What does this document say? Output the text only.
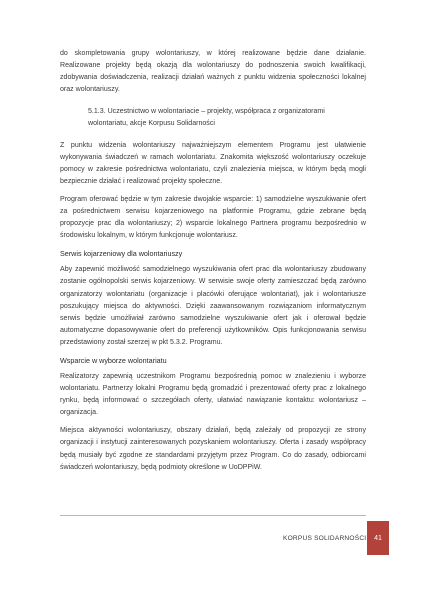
do skompletowania grupy wolontariuszy, w której realizowane będzie dane działanie. Realizowane projekty będą okazją dla wolontariuszy do podnoszenia swoich kwalifikacji, zdobywania doświadczenia, realizacji działań ważnych z punktu widzenia społeczności lokalnej oraz wolontariuszy.

5.1.3. Uczestnictwo w wolontariacie – projekty, współpraca z organizatorami wolontariatu, akcje Korpusu Solidarności

Z punktu widzenia wolontariuszy najważniejszym elementem Programu jest ułatwienie wykonywania świadczeń w ramach wolontariatu. Znakomita większość wolontariuszy oczekuje pomocy w zakresie pośrednictwa wolontariatu, czyli znalezienia miejsca, w którym będą mogli bezpiecznie działać i realizować projekty społeczne.

Program oferować będzie w tym zakresie dwojakie wsparcie: 1) samodzielne wyszukiwanie ofert za pośrednictwem serwisu kojarzeniowego na platformie Programu, gdzie zebrane będą propozycje prac dla wolontariuszy; 2) wsparcie lokalnego Partnera programu bezpośrednio w środowisku lokalnym, w którym funkcjonuje wolontariusz.

Serwis kojarzeniowy dla wolontariuszy

Aby zapewnić możliwość samodzielnego wyszukiwania ofert prac dla wolontariuszy zbudowany zostanie ogólnopolski serwis kojarzeniowy. W serwisie swoje oferty zamieszczać będą zarówno organizatorzy wolontariatu (organizacje i placówki oferujące wolontariat), jak i wolontariusze poszukujący miejsca do aktywności. Dzięki zaawansowanym rozwiązaniom informatycznym serwis będzie umożliwiał zarówno samodzielne wyszukiwanie ofert jak i oferował będzie automatyczne dopasowywanie ofert do preferencji użytkowników. Opis funkcjonowania serwisu przedstawiony został szerzej w pkt 5.3.2. Programu.

Wsparcie w wyborze wolontariatu

Realizatorzy zapewnią uczestnikom Programu bezpośrednią pomoc w znalezieniu i wyborze wolontariatu. Partnerzy lokalni Programu będą gromadzić i prezentować oferty prac z lokalnego rynku, będą informować o szczegółach oferty, ułatwiać nawiązanie kontaktu: wolontariusz – organizacja.

Miejsca aktywności wolontariuszy, obszary działań, będą zależały od propozycji ze strony organizacji i instytucji zainteresowanych pozyskaniem wolontariuszy. Oferta i zasady współpracy będą musiały być zgodne ze standardami przyjętym przez Program. Co do zasady, odbiorcami świadczeń wolontariuszy, będą podmioty określone w UoDPPiW.

KORPUS SOLIDARNOŚCI	41
